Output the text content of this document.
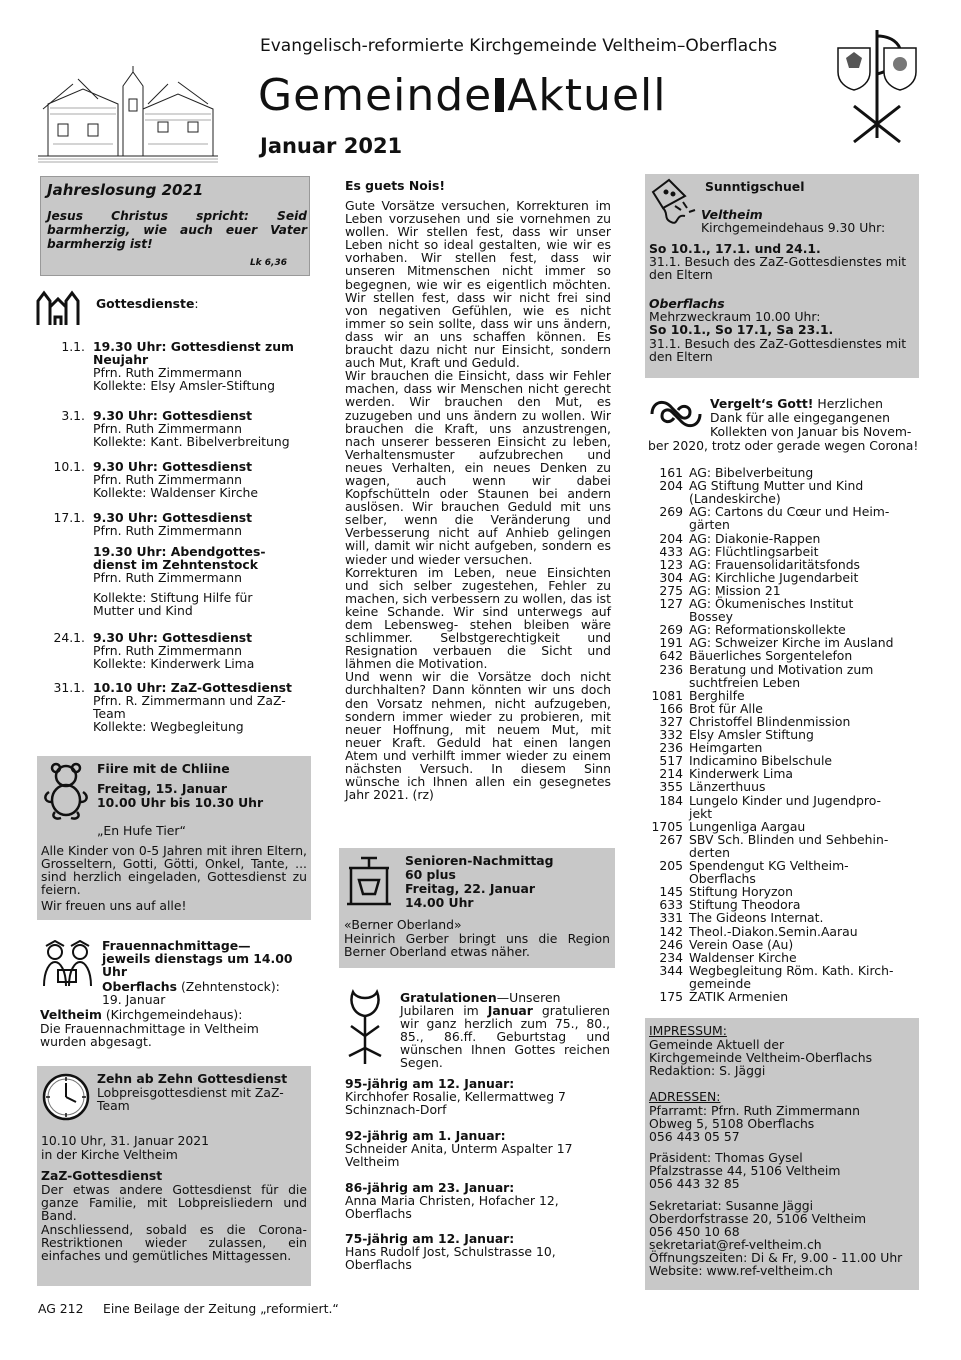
Evangelisch-reformierte Kirchgemeinde Veltheim–Oberflachs
Gemeinde Aktuell
Januar 2021
Jahreslosung 2021
Jesus Christus spricht: Seid barmherzig, wie auch euer Vater barmherzig ist!
Lk 6,36
Gottesdienste:
1.1. 19.30 Uhr: Gottesdienst zum
Neujahr
Pfrn. Ruth Zimmermann
Kollekte: Elsy Amsler-Stiftung
3.1. 9.30 Uhr: Gottesdienst
Pfrn. Ruth Zimmermann
Kollekte: Kant. Bibelverbreitung
10.1. 9.30 Uhr: Gottesdienst
Pfrn. Ruth Zimmermann
Kollekte: Waldenser Kirche
17.1. 9.30 Uhr: Gottesdienst
Pfrn. Ruth Zimmermann
24.1. 9.30 Uhr: Gottesdienst
Pfrn. Ruth Zimmermann
Kollekte: Kinderwerk Lima
31.1. 10.10 Uhr: ZaZ-Gottesdienst
Pfrn. R. Zimmermann und ZaZ-Team
Kollekte: Wegbegleitung
19.30 Uhr: Abendgottes-
dienst im Zehntenstock
Pfrn. Ruth Zimmermann
Kollekte: Stiftung Hilfe für Mutter und Kind
Fiire mit de Chliine
Freitag, 15. Januar
10.00 Uhr bis 10.30 Uhr
„En Hufe Tier“
Alle Kinder von 0-5 Jahren mit ihren Eltern, Grosseltern, Gotti, Götti, Onkel, Tante, ... sind herzlich eingeladen, Gottesdienst zu feiern.
Wir freuen uns auf alle!
Frauennachmittage— jeweils dienstags um 14.00 Uhr
Oberflachs (Zehntenstock): 19. Januar
Veltheim (Kirchgemeindehaus):
Die Frauennachmittage in Veltheim wurden abgesagt.
Zehn ab Zehn Gottesdienst
Lobpreisgottesdienst mit ZaZ-Team
10.10 Uhr, 31. Januar 2021
in der Kirche Veltheim
ZaZ-Gottesdienst
Der etwas andere Gottesdienst für die ganze Familie, mit Lobpreisliedern und Band.
Anschliessend, sobald es die Corona-Restriktionen wieder zulassen, ein einfaches und gemütliches Mittagessen.
Es guets Nois!

Gute Vorsätze versuchen, Korrekturen im Leben vorzusehen und sie vornehmen zu wollen. Wir stellen fest, dass wir unser Leben nicht so ideal gestalten, wie wir es vorhaben. Wir stellen fest, dass wir unseren Mitmenschen nicht immer so begegnen, wie wir es eigentlich möchten. Wir stellen fest, dass wir nicht frei sind von negativen Gefühlen, wie es nicht immer so sein sollte, dass wir uns ändern, dass wir an uns schaffen können. Es braucht dazu nicht nur Einsicht, sondern auch Mut, Kraft und Geduld.

Wir brauchen die Einsicht, dass wir Fehler machen, dass wir Menschen nicht gerecht werden. Wir brauchen den Mut, es zuzugeben und uns ändern zu wollen. Wir brauchen die Kraft, uns anzustrengen, nach unserer besseren Einsicht zu leben, Verhaltensmuster aufzubrechen und neues Verhalten, ein neues Denken zu wagen, auch wenn wir dabei Kopfschütteln oder Staunen bei andern auslösen. Wir brauchen Geduld mit uns selber, wenn die Veränderung und Verbesserung nicht auf Anhieb gelingen will, damit wir nicht aufgeben, sondern es wieder und wieder versuchen.

Korrekturen im Leben, neue Einsichten und sich selber zugestehen, Fehler zu machen, sich verbessern zu wollen, das ist keine Schande. Wir sind unterwegs auf dem Lebensweg- stehen bleiben wäre schlimmer. Selbstgerechtigkeit und Resignation verbauen die Sicht und lähmen die Motivation.

Und wenn wir die Vorsätze doch nicht durchhalten? Dann könnten wir uns doch den Vorsatz nehmen, nicht aufzugeben, sondern immer wieder zu probieren, mit neuer Hoffnung, mit neuem Mut, mit neuer Kraft. Geduld hat einen langen Atem und verhilft immer wieder zu einem nächsten Versuch. In diesem Sinn wünsche ich Ihnen allen ein gesegnetes Jahr 2021. (rz)

Senioren-Nachmittag
60 plus
Freitag, 22. Januar
14.00 Uhr
«Berner Oberland»
Heinrich Gerber bringt uns die Region Berner Oberland etwas näher.
Gratulationen—Unseren Jubilaren im Januar gratulieren wir ganz herzlich zum 75., 80., 85., 86.ff. Geburtstag und wünschen Ihnen Gottes reichen Segen.
95-jährig am 12. Januar:
Kirchhofer Rosalie, Kellermattweg 7
Schinznach-Dorf
92-jährig am 1. Januar:
Schneider Anita, Unterm Aspalter 17
Veltheim
86-jährig am 23. Januar:
Anna Maria Christen, Hofacher 12,
Oberflachs
75-jährig am 12. Januar:
Hans Rudolf Jost, Schulstrasse 10,
Oberflachs
Sunntigschuel
Veltheim
Kirchgemeindehaus 9.30 Uhr:
So 10.1., 17.1. und 24.1.
31.1. Besuch des ZaZ-Gottesdienstes mit den Eltern
Oberflachs
Mehrzweckraum 10.00 Uhr:
So 10.1., So 17.1, Sa 23.1.
31.1. Besuch des ZaZ-Gottesdienstes mit den Eltern
Vergelt‘s Gott! Herzlichen
Dank für alle eingegangenen
Kollekten von Januar bis Novem-
ber 2020, trotz oder gerade wegen Corona!
161 AG: Bibelverbeitung
204 AG Stiftung Mutter und Kind
(Landeskirche)
269 AG: Cartons du Cœur und Heim-
gärten
204 AG: Diakonie-Rappen
433 AG: Flüchtlingsarbeit
123 AG: Frauensolidaritätsfonds
304 AG: Kirchliche Jugendarbeit
275 AG: Mission 21
127 AG: Ökumenisches Institut
Bossey
269 AG: Reformationskollekte
191 AG: Schweizer Kirche im Ausland
642 Bäuerliches Sorgentelefon
236 Beratung und Motivation zum
suchtfreien Leben
1081 Berghilfe
166 Brot für Alle
327 Christoffel Blindenmission
332 Elsy Amsler Stiftung
236 Heimgarten
517 Indicamino Bibelschule
214 Kinderwerk Lima
355 Länzerthuus
184 Lungelo Kinder und Jugendpro-
jekt
1705 Lungenliga Aargau
267 SBV Sch. Blinden und Sehbehin-
derten
205 Spendengut KG Veltheim-
Oberflachs
145 Stiftung Horyzon
633 Stiftung Theodora
331 The Gideons Internat.
142 Theol.-Diakon.Semin.Aarau
246 Verein Oase (Au)
234 Waldenser Kirche
344 Wegbegleitung Röm. Kath. Kirch-
gemeinde
175 ZATIK Armenien
IMPRESSUM:
Gemeinde Aktuell der
Kirchgemeinde Veltheim-Oberflachs
Redaktion: S. Jäggi
ADRESSEN:
Pfarramt: Pfrn. Ruth Zimmermann
Obweg 5, 5108 Oberflachs
056 443 05 57
Präsident: Thomas Gysel
Pfalzstrasse 44, 5106 Veltheim
056 443 32 85
Sekretariat: Susanne Jäggi
Oberdorfstrasse 20, 5106 Veltheim
056 450 10 68
sekretariat@ref-veltheim.ch
Öffnungszeiten: Di & Fr, 9.00 - 11.00 Uhr
Website: www.ref-veltheim.ch
AG 212 Eine Beilage der Zeitung „reformiert.“
